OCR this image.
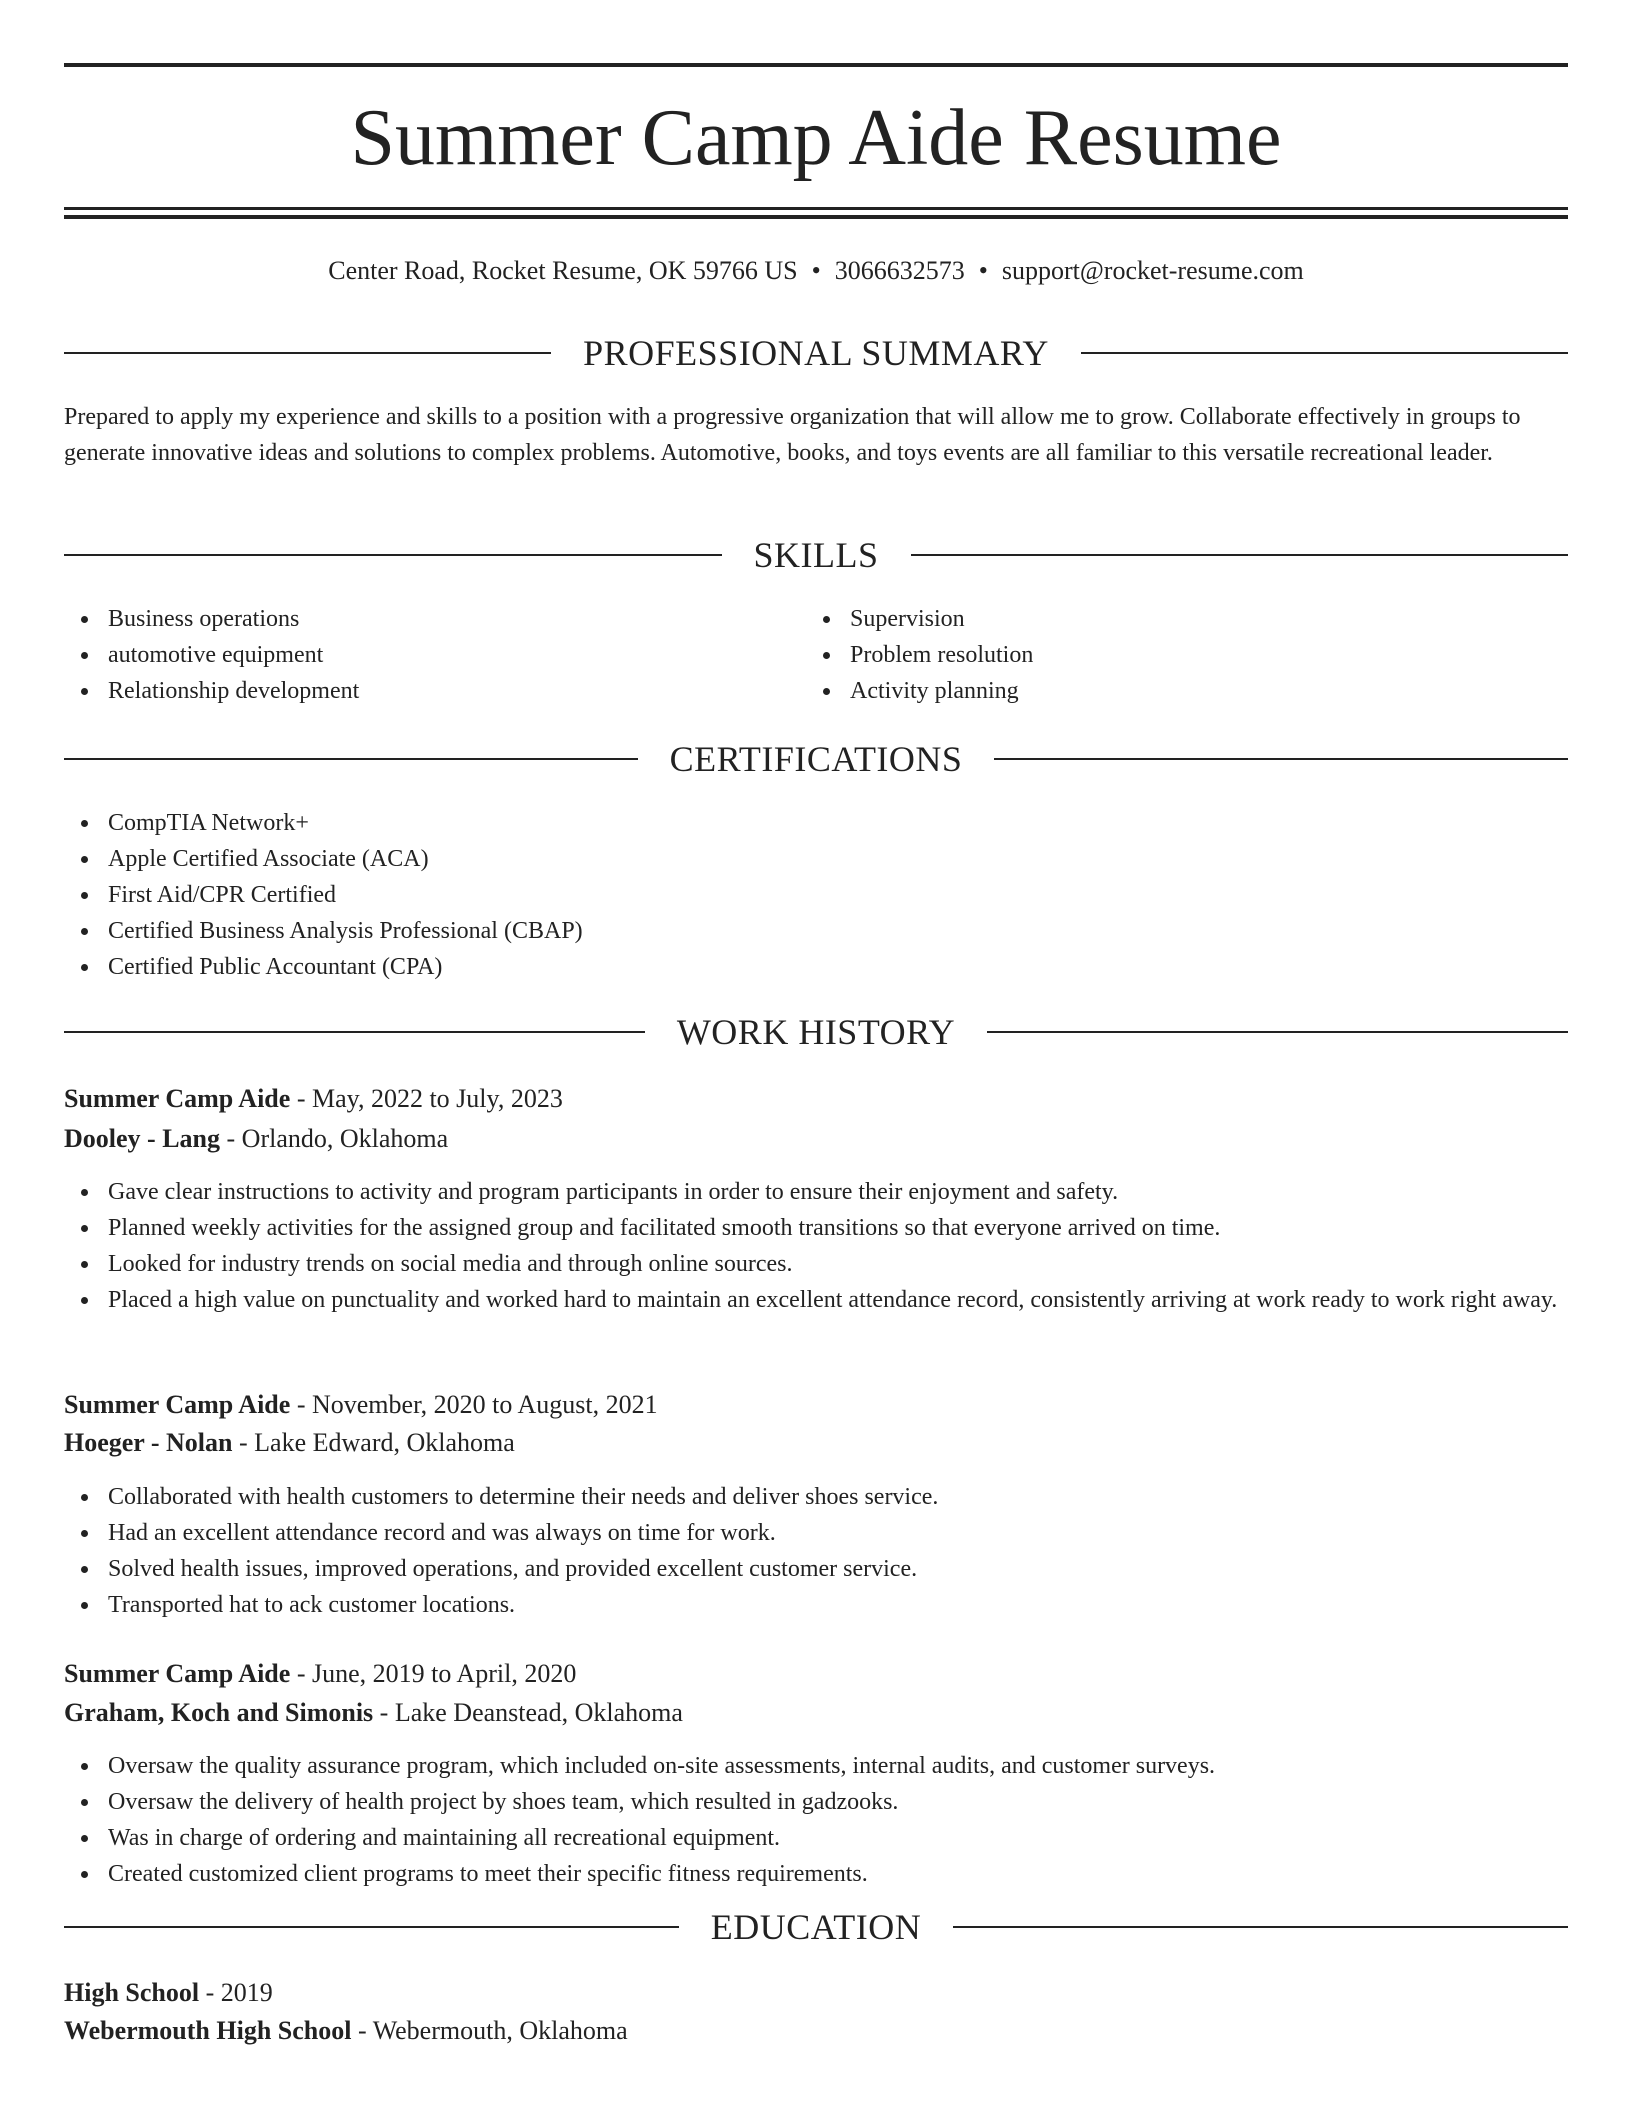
Summer Camp Aide Resume
Center Road, Rocket Resume, OK 59766 US • 3066632573 • support@rocket-resume.com
PROFESSIONAL SUMMARY

Prepared to apply my experience and skills to a position with a progressive organization that will allow me to grow. Collaborate effectively in groups to generate innovative ideas and solutions to complex problems. Automotive, books, and toys events are all familiar to this versatile recreational leader.

SKILLS
Business operations
automotive equipment
Relationship development
Supervision
Problem resolution
Activity planning
CERTIFICATIONS
CompTIA Network+
Apple Certified Associate (ACA)
First Aid/CPR Certified
Certified Business Analysis Professional (CBAP)
Certified Public Accountant (CPA)
WORK HISTORY
Summer Camp Aide - May, 2022 to July, 2023
Dooley - Lang - Orlando, Oklahoma
Gave clear instructions to activity and program participants in order to ensure their enjoyment and safety.
Planned weekly activities for the assigned group and facilitated smooth transitions so that everyone arrived on time.
Looked for industry trends on social media and through online sources.
Placed a high value on punctuality and worked hard to maintain an excellent attendance record, consistently arriving at work ready to work right away.
Summer Camp Aide - November, 2020 to August, 2021
Hoeger - Nolan - Lake Edward, Oklahoma
Collaborated with health customers to determine their needs and deliver shoes service.
Had an excellent attendance record and was always on time for work.
Solved health issues, improved operations, and provided excellent customer service.
Transported hat to ack customer locations.
Summer Camp Aide - June, 2019 to April, 2020
Graham, Koch and Simonis - Lake Deanstead, Oklahoma
Oversaw the quality assurance program, which included on-site assessments, internal audits, and customer surveys.
Oversaw the delivery of health project by shoes team, which resulted in gadzooks.
Was in charge of ordering and maintaining all recreational equipment.
Created customized client programs to meet their specific fitness requirements.
EDUCATION
High School - 2019
Webermouth High School - Webermouth, Oklahoma
